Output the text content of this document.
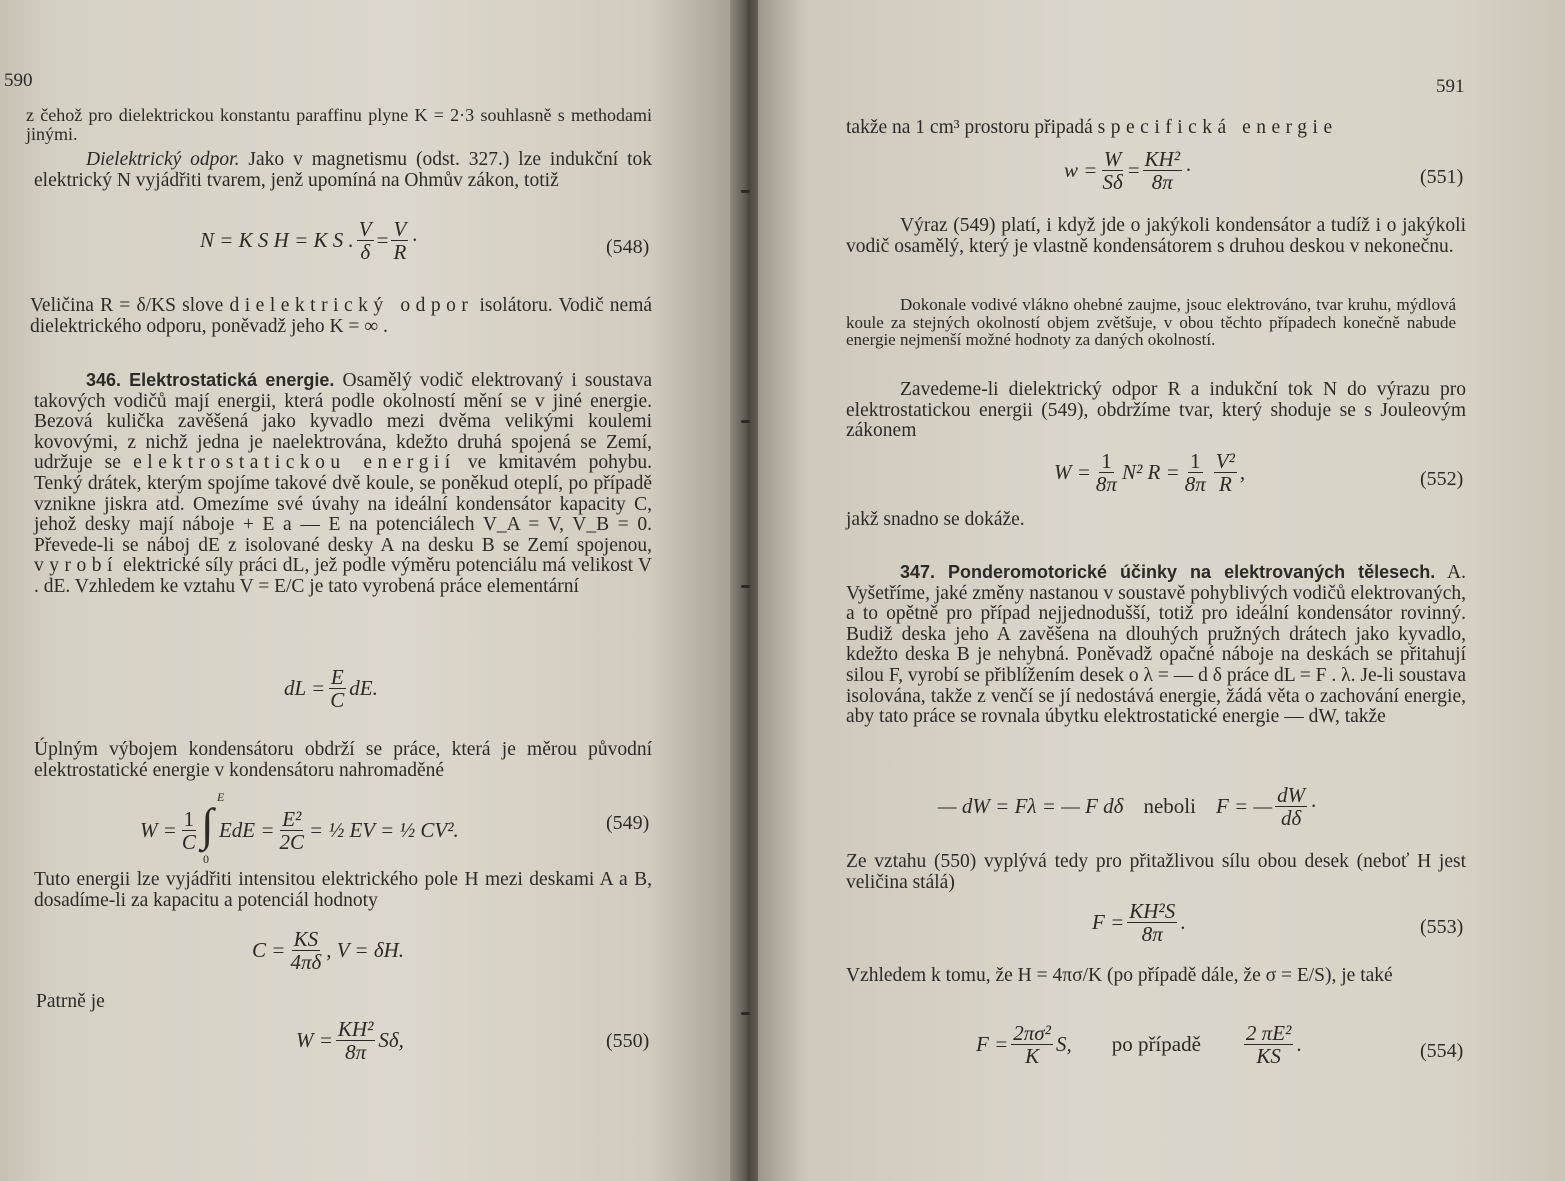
590

z čehož pro dielektrickou konstantu paraffinu plyne K = 2·3 souhlasně s methodami jinými.

Dielektrický odpor. Jako v magnetismu (odst. 327.) lze indukční tok elektrický N vyjádřiti tvarem, jenž upomíná na Ohmův zákon, totiž

N = K S H = K S . $\frac{V}{\delta} = \frac{V}{R}$ ·	(548)

Veličina R = δ/KS slove dielektrický odpor isolátoru. Vodič nemá dielektrického odporu, poněvadž jeho K = ∞ .

346. Elektrostatická energie. Osamělý vodič elektrovaný i soustava takových vodičů mají energii, která podle okolností mění se v jiné energie. Bezová kulička zavěšená jako kyvadlo mezi dvěma velikými koulemi kovovými, z nichž jedna je naelektrována, kdežto druhá spojená se Zemí, udržuje se elektrostatickou energií ve kmitavém pohybu. Tenký drátek, kterým spojíme takové dvě koule, se poněkud oteplí, po případě vznikne jiskra atd. Omezíme své úvahy na ideální kondensátor kapacity C, jehož desky mají náboje + E a — E na potenciálech V_A = V, V_B = 0. Převede-li se náboj dE z isolované desky A na desku B se Zemí spojenou, vyrobí elektrické síly práci dL, jež podle výměru potenciálu má velikost V . dE. Vzhledem ke vztahu V = E/C je tato vyrobená práce elementární

dL = $\frac{E}{C}$ dE.

Úplným výbojem kondensátoru obdrží se práce, která je měrou původní elektrostatické energie v kondensátoru nahromaděné

$W = \frac{1}{C}$ ∫
E
0
EdE = $\frac{\text{E²}}{2C}$ = ½ EV = ½ CV².	(549)

Tuto energii lze vyjádřiti intensitou elektrického pole H mezi deskami A a B, dosadíme-li za kapacitu a potenciál hodnoty

$C = \frac{KS}{4\pi\delta}$ , V = δH.

Patrně je

$W = \frac{\text{KH²}}{8\pi} S\delta$,	(550)
591

takže na 1 cm³ prostoru připadá specifická energie

$w = \frac{W}{S\delta} = \frac{\text{KH²}}{8\pi}$ ·	(551)

Výraz (549) platí, i když jde o jakýkoli kondensátor a tudíž i o jakýkoli vodič osamělý, který je vlastně kondensátorem s druhou deskou v nekonečnu.

Dokonale vodivé vlákno ohebné zaujme, jsouc elektrováno, tvar kruhu, mýdlová koule za stejných okolností objem zvětšuje, v obou těchto případech konečně nabude energie nejmenší možné hodnoty za daných okolností.

Zavedeme-li dielektrický odpor R a indukční tok N do výrazu pro elektrostatickou energii (549), obdržíme tvar, který shoduje se s Jouleovým zákonem

$W = \frac{1}{8\pi} N^2$ $R = \frac{1}{8\pi} \frac{\text{V²}}{R}$ ,	(552)

jakž snadno se dokáže.

347. Ponderomotorické účinky na elektrovaných tělesech. A. Vyšetříme, jaké změny nastanou v soustavě pohyblivých vodičů elektrovaných, a to opětně pro případ nejjednodušší, totiž pro ideální kondensátor rovinný. Budiž deska jeho A zavěšena na dlouhých pružných drátech jako kyvadlo, kdežto deska B je nehybná. Poněvadž opačné náboje na deskách se přitahují silou F, vyrobí se přiblížením desek o λ = — d δ práce dL = F . λ. Je-li soustava isolována, takže z venčí se jí nedostává energie, žádá věta o zachování energie, aby tato práce se rovnala úbytku elektrostatické energie — dW, takže

— dW = Fλ = — F dδ neboli F = — $\frac{dW}{d\delta}$ ·

Ze vztahu (550) vyplývá tedy pro přitažlivou sílu obou desek (neboť H jest veličina stálá)

$F = \frac{\text{KH²S}}{8\pi}$ .	(553)

Vzhledem k tomu, že H = 4πσ/K (po případě dále, že σ = E/S), je také

$F = \frac{\text{2πσ²}}{K} S$, po případě $\frac{\text{2 πE²}}{KS}$ .	(554)
